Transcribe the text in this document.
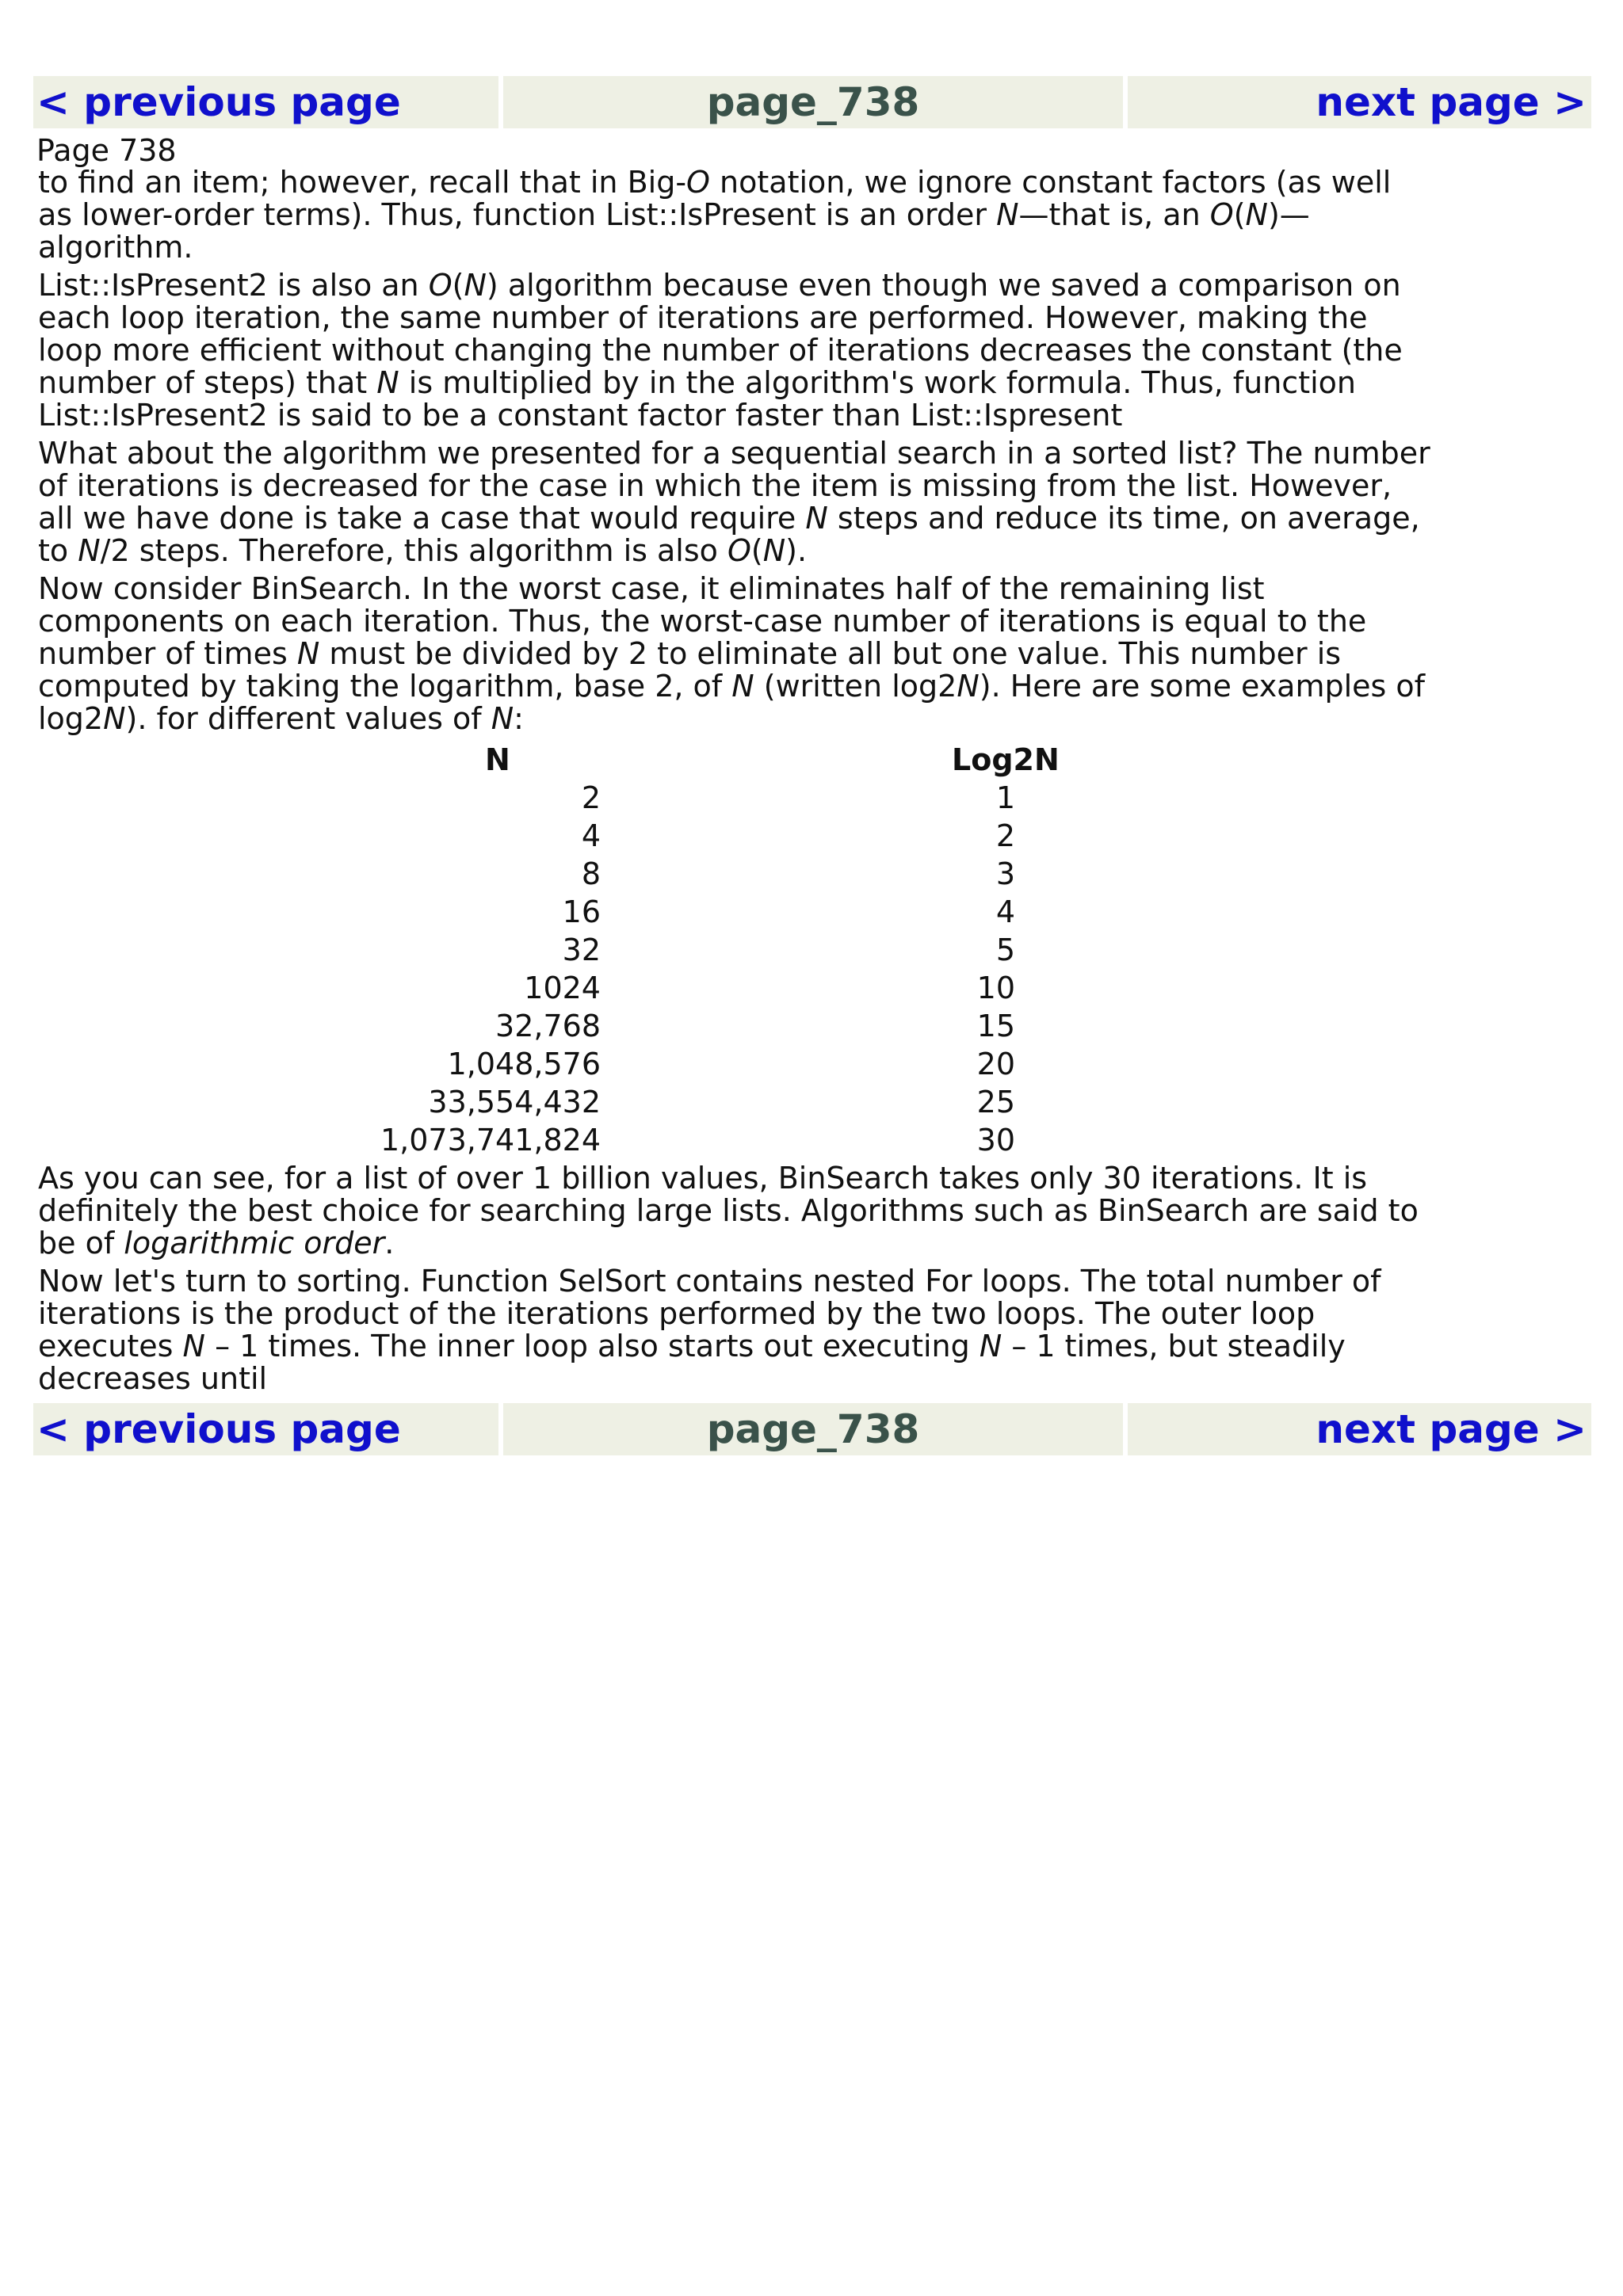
< previous page	page_738	next page >

Page 738

to find an item; however, recall that in Big-O notation, we ignore constant factors (as well as lower-order terms). Thus, function List::IsPresent is an order N—that is, an O(N)—algorithm.

List::IsPresent2 is also an O(N) algorithm because even though we saved a comparison on each loop iteration, the same number of iterations are performed. However, making the loop more efficient without changing the number of iterations decreases the constant (the number of steps) that N is multiplied by in the algorithm's work formula. Thus, function List::IsPresent2 is said to be a constant factor faster than List::Ispresent

What about the algorithm we presented for a sequential search in a sorted list? The number of iterations is decreased for the case in which the item is missing from the list. However, all we have done is take a case that would require N steps and reduce its time, on average, to N/2 steps. Therefore, this algorithm is also O(N).

Now consider BinSearch. In the worst case, it eliminates half of the remaining list components on each iteration. Thus, the worst-case number of iterations is equal to the number of times N must be divided by 2 to eliminate all but one value. This number is computed by taking the logarithm, base 2, of N (written log2N). Here are some examples of log2N). for different values of N:

N	Log2N
2	1
4	2
8	3
16	4
32	5
1024	10
32,768	15
1,048,576	20
33,554,432	25
1,073,741,824	30

As you can see, for a list of over 1 billion values, BinSearch takes only 30 iterations. It is definitely the best choice for searching large lists. Algorithms such as BinSearch are said to be of logarithmic order.

Now let's turn to sorting. Function SelSort contains nested For loops. The total number of iterations is the product of the iterations performed by the two loops. The outer loop executes N – 1 times. The inner loop also starts out executing N – 1 times, but steadily decreases until

< previous page	page_738	next page >
